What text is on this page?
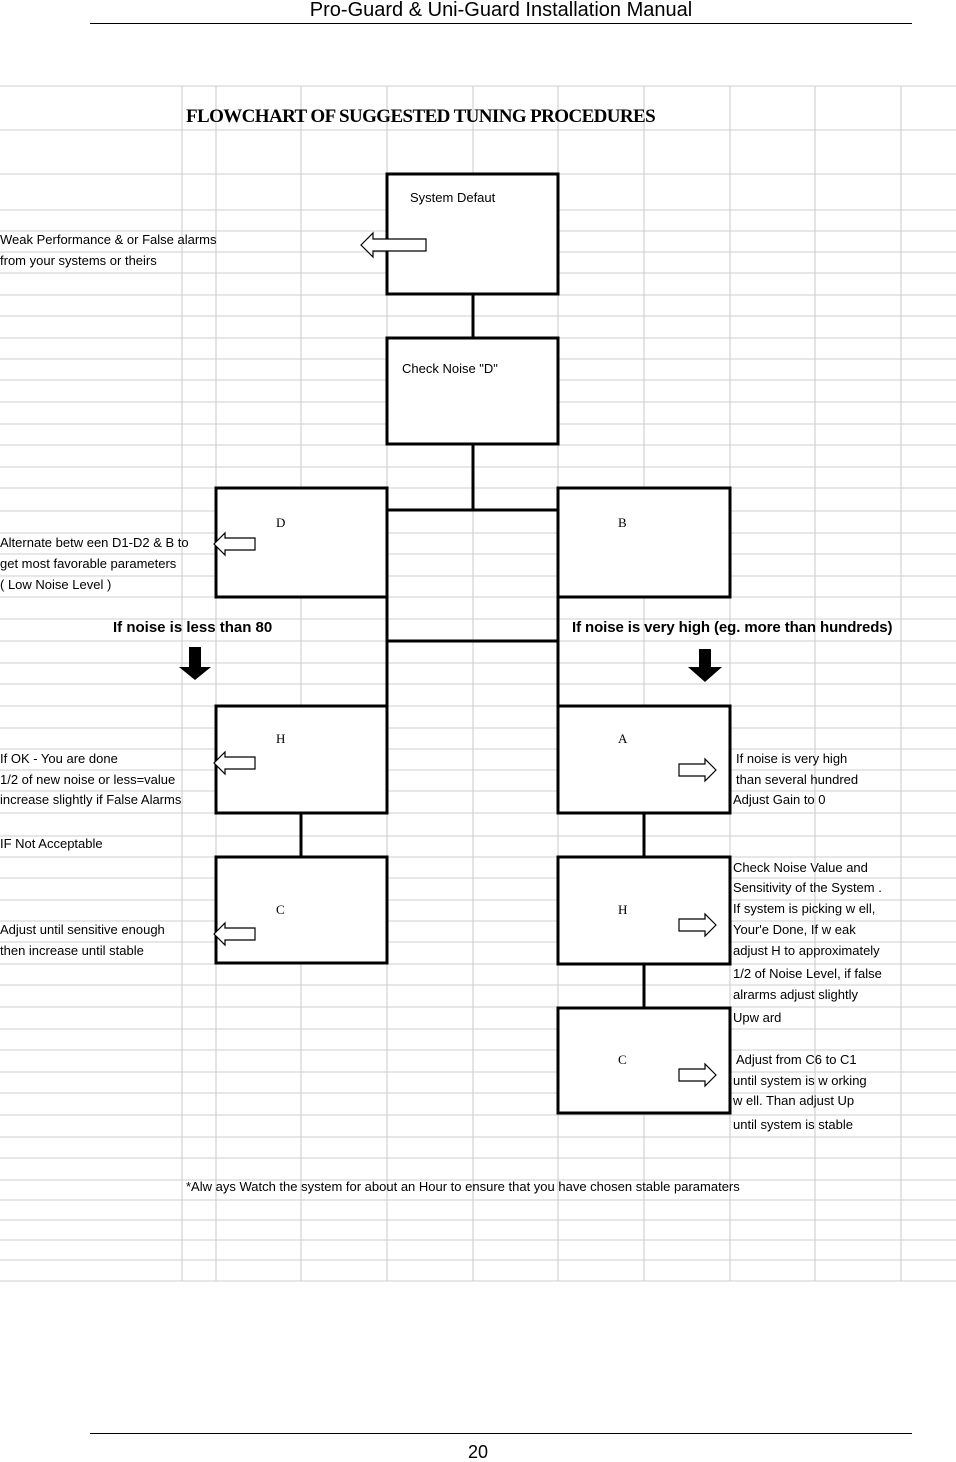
Pro-Guard & Uni-Guard Installation Manual
FLOWCHART OF SUGGESTED TUNING PROCEDURES
System Defaut
Check Noise "D"
D	B
H	A
C	H
C
Weak Performance & or False alarms
from your systems or theirs
Alternate betw een D1-D2 & B to
get most favorable parameters
( Low Noise Level )
If noise is less than 80	If noise is very high (eg. more than hundreds)
If OK - You are done
1/2 of new noise or less=value
increase slightly if False Alarms
IF Not Acceptable
Adjust until sensitive enough
then increase until stable
If noise is very high
than several hundred
Adjust Gain to 0
Check Noise Value and
Sensitivity of the System .
If system is picking w ell,
Your'e Done, If w eak
adjust H to approximately
1/2 of Noise Level, if false
alrarms adjust slightly
Upw ard
Adjust from C6 to C1
until system is w orking
w ell. Than adjust Up
until system is stable
*Alw ays Watch the system for about an Hour to ensure that you have chosen stable paramaters
20
